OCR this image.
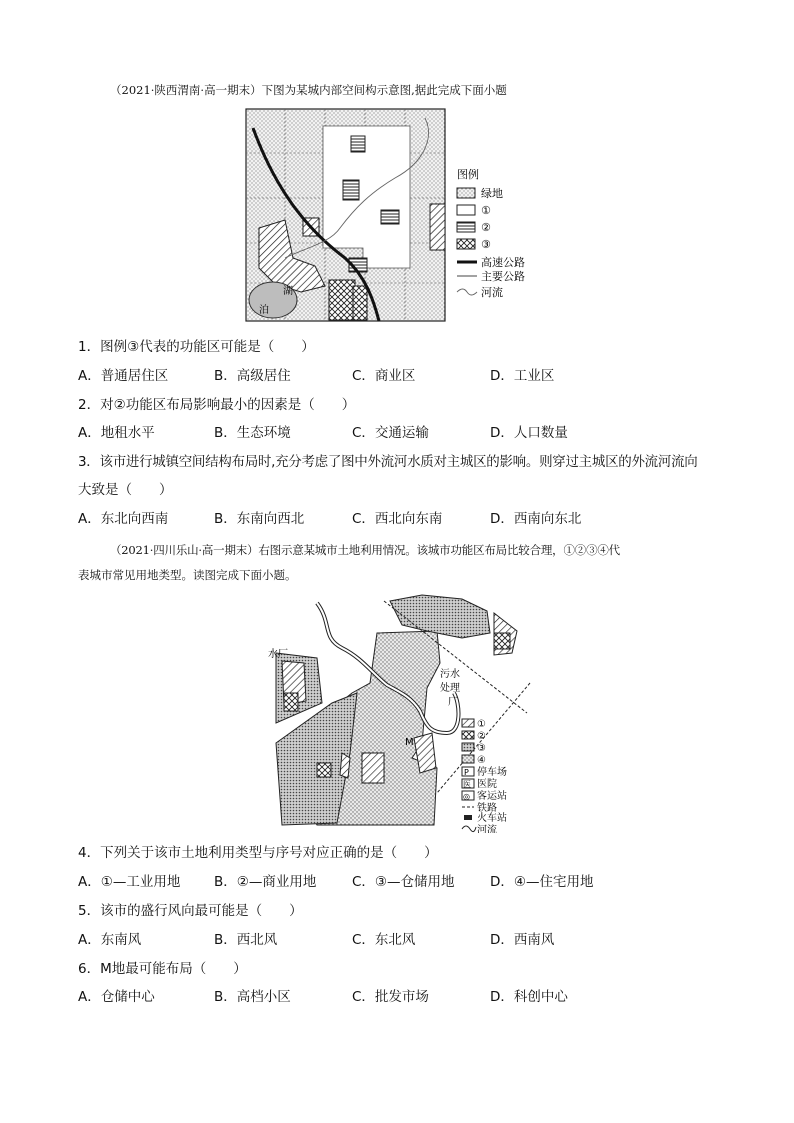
（2021·陕西渭南·高一期末）下图为某城内部空间构示意图,据此完成下面小题
湖
泊
图例
绿地
①
②
③
高速公路
主要公路
河流
1．图例③代表的功能区可能是（　　）
A．普通居住区	B．高级居住	C．商业区	D．工业区
2．对②功能区布局影响最小的因素是（　　）
A．地租水平	B．生态环境	C．交通运输	D．人口数量
3．该市进行城镇空间结构布局时,充分考虑了图中外流河水质对主城区的影响。则穿过主城区的外流河流向
大致是（　　）
A．东北向西南	B．东南向西北	C．西北向东南	D．西南向东北
（2021·四川乐山·高一期末）右图示意某城市土地利用情况。该城市功能区布局比较合理，①②③④代
表城市常见用地类型。读图完成下面小题。
水厂
污水
处理
厂
M
①
②
③
④
P 停车场
医 医院
◎ 客运站
铁路
火车站
河流
4．下列关于该市土地利用类型与序号对应正确的是（　　）
A．①—工业用地 B．②—商业用地	C．③—仓储用地	D．④—住宅用地
5．该市的盛行风向最可能是（　　）
A．东南风	B．西北风	C．东北风	D．西南风
6．M地最可能布局（　　）
A．仓储中心	B．高档小区	C．批发市场	D．科创中心
